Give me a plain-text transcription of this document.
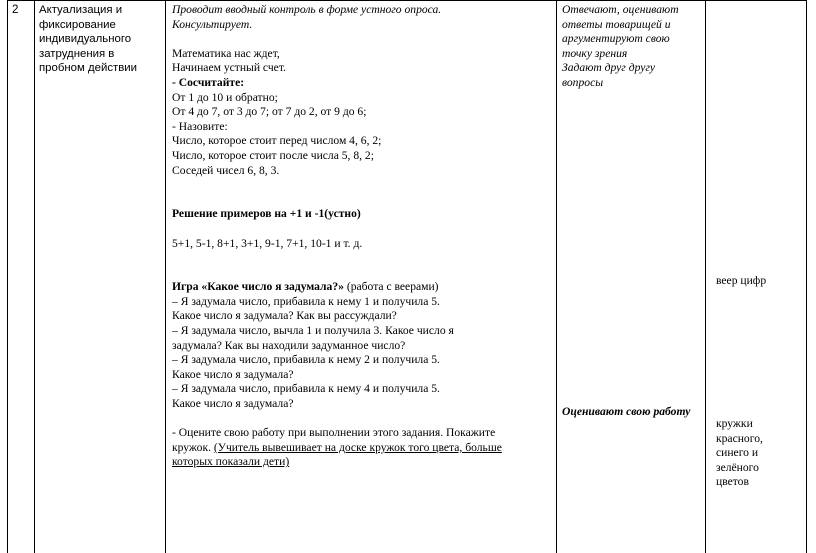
2 Актуализация и
фиксирование
индивидуального
затруднения в
пробном действии
Проводит вводный контроль в форме устного опроса.
Консультирует.
Математика нас ждет,
Начинаем устный счет.
- Сосчитайте:
От 1 до 10 и обратно;
От 4 до 7, от 3 до 7; от 7 до 2, от 9 до 6;
- Назовите:
Число, которое стоит перед числом 4, 6, 2;
Число, которое стоит после числа 5, 8, 2;
Соседей чисел 6, 8, 3.
Решение примеров на +1 и -1(устно)
5+1, 5-1, 8+1, 3+1, 9-1, 7+1, 10-1 и т. д.
Игра «Какое число я задумала?» (работа с веерами)
– Я задумала число, прибавила к нему 1 и получила 5.
Какое число я задумала? Как вы рассуждали?
– Я задумала число, вычла 1 и получила 3. Какое число я
задумала? Как вы находили задуманное число?
– Я задумала число, прибавила к нему 2 и получила 5.
Какое число я задумала?
– Я задумала число, прибавила к нему 4 и получила 5.
Какое число я задумала?
- Оцените свою работу при выполнении этого задания. Покажите
кружок. (Учитель вывешивает на доске кружок того цвета, больше
которых показали дети)
Отвечают, оценивают
ответы товарищей и
аргументируют свою
точку зрения
Задают друг другу
вопросы
Оценивают свою работу
веер цифр
кружки
красного,
синего и
зелёного
цветов
